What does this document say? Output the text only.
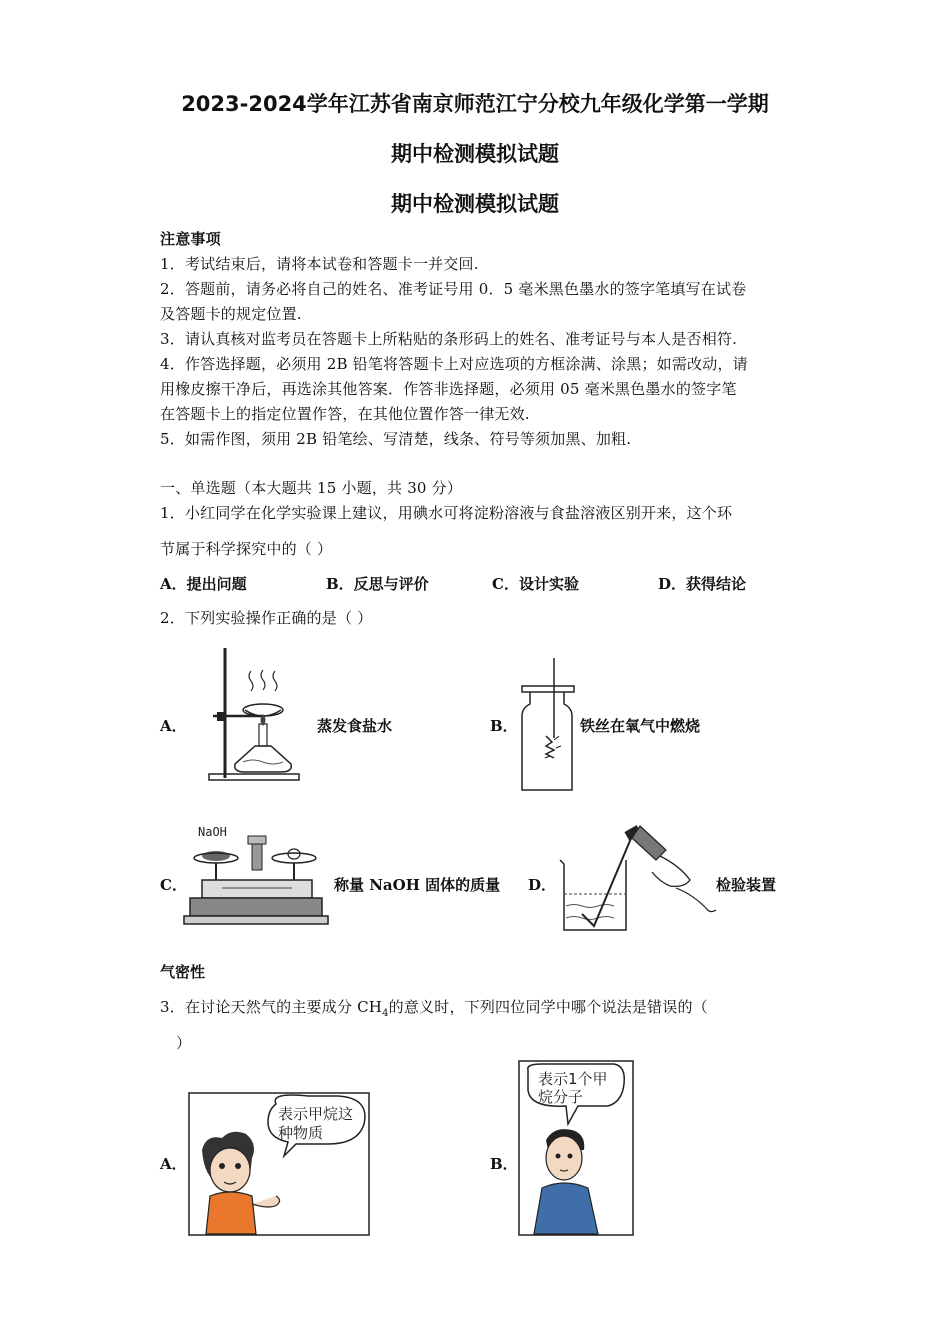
2023-2024学年江苏省南京师范江宁分校九年级化学第一学期
期中检测模拟试题
期中检测模拟试题
注意事项
1．考试结束后，请将本试卷和答题卡一并交回.
2．答题前，请务必将自己的姓名、准考证号用 0．5 毫米黑色墨水的签字笔填写在试卷
及答题卡的规定位置.
3．请认真核对监考员在答题卡上所粘贴的条形码上的姓名、准考证号与本人是否相符.
4．作答选择题，必须用 2B 铅笔将答题卡上对应选项的方框涂满、涂黑；如需改动，请
用橡皮擦干净后，再选涂其他答案．作答非选择题，必须用 05 毫米黑色墨水的签字笔
在答题卡上的指定位置作答，在其他位置作答一律无效.
5．如需作图，须用 2B 铅笔绘、写清楚，线条、符号等须加黑、加粗.
一、单选题（本大题共 15 小题，共 30 分）
1．小红同学在化学实验课上建议，用碘水可将淀粉溶液与食盐溶液区别开来，这个环
节属于科学探究中的（ ）
A．提出问题	B．反思与评价	C．设计实验	D．获得结论
2．下列实验操作正确的是（ ）
A．	蒸发食盐水	B．	铁丝在氧气中燃烧
C．
NaOH
称量 NaOH 固体的质量 D．	检验装置
气密性
3．在讨论天然气的主要成分 $CH_4$的意义时，下列四位同学中哪个说法是错误的（
）
A．
表示甲烷这
种物质
B．
表示1个甲
烷分子
